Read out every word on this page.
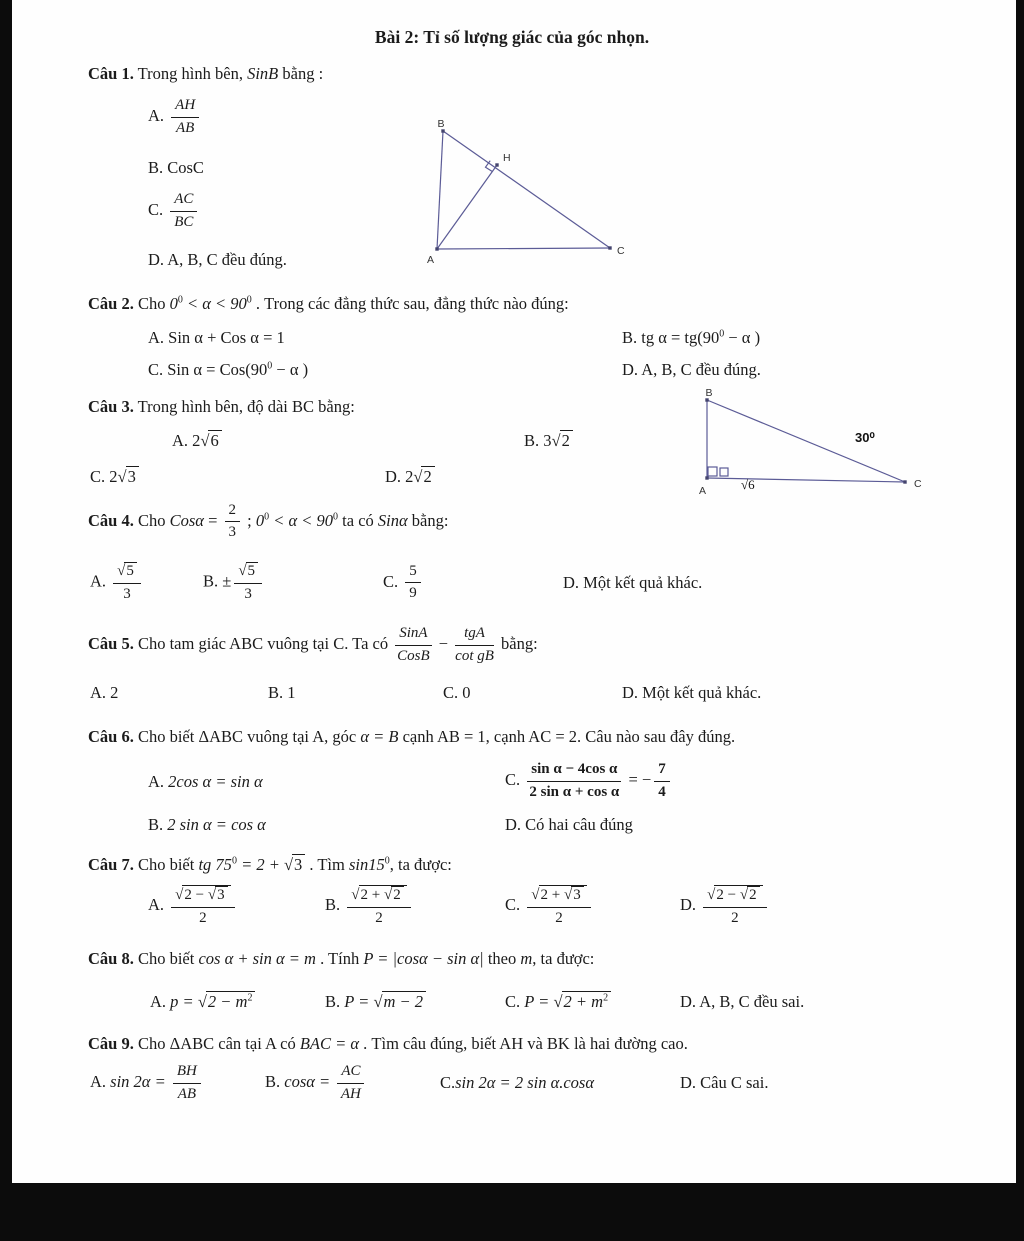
Bài 2: Tỉ số lượng giác của góc nhọn.
Câu 1. Trong hình bên, SinB bằng :
A. $\frac{AH}{AB}$
B. CosC
C. $\frac{AC}{BC}$
D. A, B, C đều đúng.
Câu 2. Cho $0^0 < \alpha < 90^0$ . Trong các đẳng thức sau, đẳng thức nào đúng:
A. Sin α + Cos α = 1	B. tg $\alpha = tg(90^0 - \alpha$ )
C. Sin $\alpha = Cos(90^0 - \alpha$ )	D. A, B, C đều đúng.
Câu 3. Trong hình bên, độ dài BC bằng:
A. 2√ 6	B. 3√ 2
C. 2√ 3	D. 2√ 2
Câu 4. Cho $Cos\alpha = \frac{2}{3}$ ; $0^0 < \alpha < 90^0$ ta có Sinα bằng:
A. $\frac{√ 5}{3}$	B. ± $\frac{√ 5}{3}$	C. $\frac{5}{9}$	D. Một kết quả khác.
Câu 5. Cho tam giác ABC vuông tại C. Ta có $\frac{\text{SinA}}{\text{CosB}} - \frac{\text{tgA}}{\text{cot gB}}$ bằng:
A. 2	B. 1	C. 0	D. Một kết quả khác.
Câu 6. Cho biết ΔABC vuông tại A, góc α = B cạnh AB = 1, cạnh AC = 2. Câu nào sau đây đúng.
A. 2cos α = sin α	C. $\frac{\text{sin α − 4cos α}}{\text{2 sin α + cos α}}$ = − $\frac{7}{4}$
B. 2 sin α = cos α	D. Có hai câu đúng
Câu 7. Cho biết tg $75^0 = 2$ + √ 3 . Tìm $\sin 15^0$, ta được:
A. $\frac{√ 2 - √ 3}{2}$	B. $\frac{√ 2 + √ 2}{2}$	C. $\frac{√ 2 + √ 3}{2}$	D. $\frac{√ 2 - √ 2}{2}$
Câu 8. Cho biết cos α + sin α = m . Tính P = |cosα − sin α| theo m, ta được:
A. p = √ $2 - m^2$	B. P = √ m − 2	C. P = √ $2 + m^2$	D. A, B, C đều sai.
Câu 9. Cho ΔABC cân tại A có BAC = α . Tìm câu đúng, biết AH và BK là hai đường cao.
A. $\sin 2\alpha = \frac{BH}{AB}$	B. $\cos\alpha = \frac{AC}{AH}$	C.sin 2α = 2 sin α.cosα	D. Câu C sai.
B
H
A
C
B
A
C
30⁰
√6
